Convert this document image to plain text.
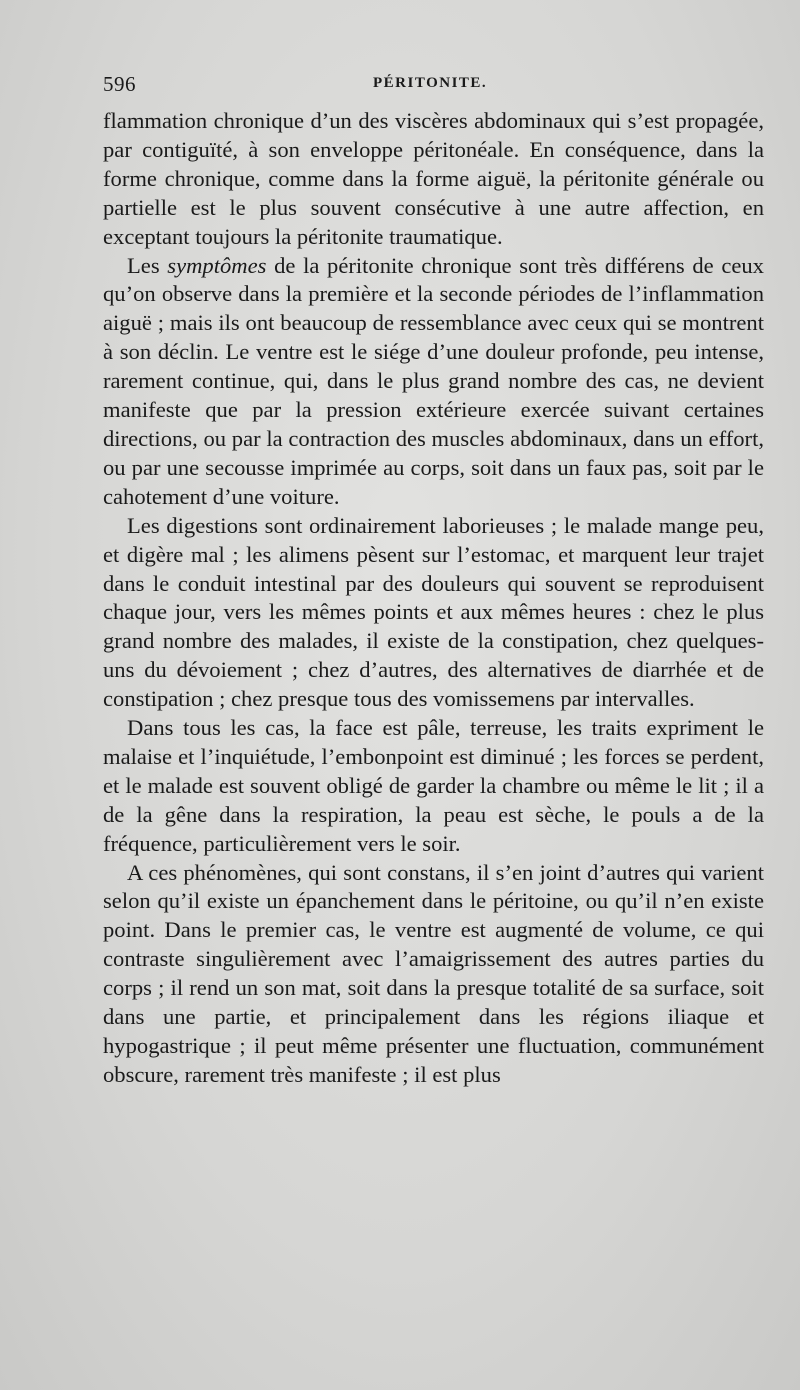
596	PÉRITONITE.

flammation chronique d’un des viscères abdominaux qui s’est propagée, par contiguïté, à son enveloppe péritonéale. En conséquence, dans la forme chronique, comme dans la forme aiguë, la péritonite générale ou partielle est le plus souvent consécutive à une autre affection, en exceptant toujours la péritonite traumatique.

Les symptômes de la péritonite chronique sont très différens de ceux qu’on observe dans la première et la seconde périodes de l’inflammation aiguë ; mais ils ont beaucoup de ressemblance avec ceux qui se montrent à son déclin. Le ventre est le siége d’une douleur profonde, peu intense, rarement continue, qui, dans le plus grand nombre des cas, ne devient manifeste que par la pression extérieure exercée suivant certaines directions, ou par la contraction des muscles abdominaux, dans un effort, ou par une secousse imprimée au corps, soit dans un faux pas, soit par le cahotement d’une voiture.

Les digestions sont ordinairement laborieuses ; le malade mange peu, et digère mal ; les alimens pèsent sur l’estomac, et marquent leur trajet dans le conduit intestinal par des douleurs qui souvent se reproduisent chaque jour, vers les mêmes points et aux mêmes heures : chez le plus grand nombre des malades, il existe de la constipation, chez quelques-uns du dévoiement ; chez d’autres, des alternatives de diarrhée et de constipation ; chez presque tous des vomissemens par intervalles.

Dans tous les cas, la face est pâle, terreuse, les traits expriment le malaise et l’inquiétude, l’embonpoint est diminué ; les forces se perdent, et le malade est souvent obligé de garder la chambre ou même le lit ; il a de la gêne dans la respiration, la peau est sèche, le pouls a de la fréquence, particulièrement vers le soir.

A ces phénomènes, qui sont constans, il s’en joint d’autres qui varient selon qu’il existe un épanchement dans le péritoine, ou qu’il n’en existe point. Dans le premier cas, le ventre est augmenté de volume, ce qui contraste singulièrement avec l’amaigrissement des autres parties du corps ; il rend un son mat, soit dans la presque totalité de sa surface, soit dans une partie, et principalement dans les régions iliaque et hypogastrique ; il peut même présenter une fluctuation, communément obscure, rarement très manifeste ; il est plus
